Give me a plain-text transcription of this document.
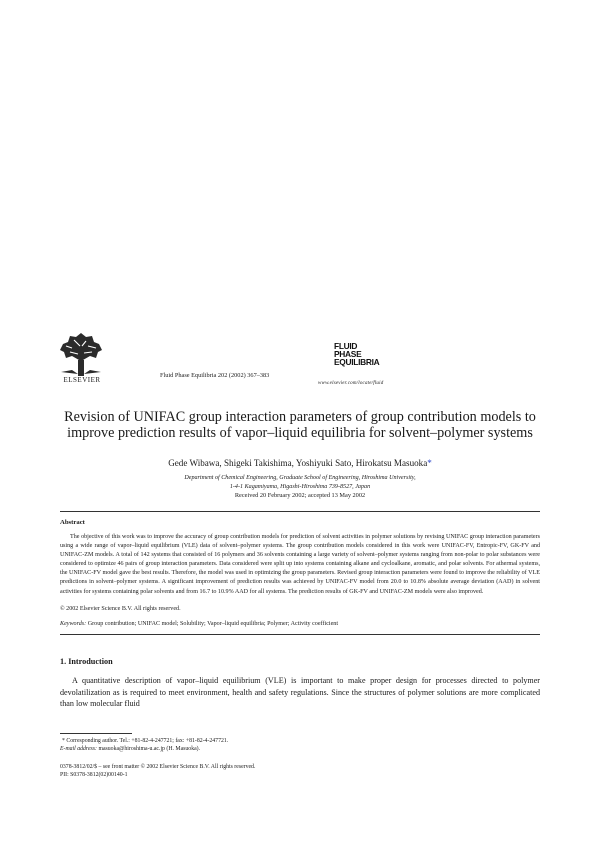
ELSEVIER
Fluid Phase Equilibria 202 (2002) 367–383
FLUID PHASE
EQUILIBRIA
www.elsevier.com/locate/fluid
Revision of UNIFAC group interaction parameters of group contribution models to improve prediction results of vapor–liquid equilibria for solvent–polymer systems
Gede Wibawa, Shigeki Takishima, Yoshiyuki Sato, Hirokatsu Masuoka*
Department of Chemical Engineering, Graduate School of Engineering, Hiroshima University,
1-4-1 Kagamiyama, Higashi-Hiroshima 739-8527, Japan
Received 20 February 2002; accepted 13 May 2002
Abstract
The objective of this work was to improve the accuracy of group contribution models for prediction of solvent activities in polymer solutions by revising UNIFAC group interaction parameters using a wide range of vapor–liquid equilibrium (VLE) data of solvent–polymer systems. The group contribution models considered in this work were UNIFAC-FV, Entropic-FV, GK-FV and UNIFAC-ZM models. A total of 142 systems that consisted of 16 polymers and 36 solvents containing a large variety of solvent–polymer systems ranging from non-polar to polar substances were considered to optimize 46 pairs of group interaction parameters. Data considered were split up into systems containing alkane and cycloalkane, aromatic, and polar solvents. For athermal systems, the UNIFAC-FV model gave the best results. Therefore, the model was used in optimizing the group parameters. Revised group interaction parameters were found to improve the reliability of VLE predictions in solvent–polymer systems. A significant improvement of prediction results was achieved by UNIFAC-FV model from 20.0 to 10.8% absolute average deviation (AAD) in solvent activities for systems containing polar solvents and from 16.7 to 10.9% AAD for all systems. The prediction results of GK-FV and UNIFAC-ZM models were also improved.
© 2002 Elsevier Science B.V. All rights reserved.
Keywords: Group contribution; UNIFAC model; Solubility; Vapor–liquid equilibria; Polymer; Activity coefficient
1. Introduction
A quantitative description of vapor–liquid equilibrium (VLE) is important to make proper design for processes directed to polymer devolatilization as is required to meet environment, health and safety regulations. Since the structures of polymer solutions are more complicated than low molecular fluid
* Corresponding author. Tel.: +81-82-4-247721; fax: +81-82-4-247721.
E-mail address: masuoka@hiroshima-u.ac.jp (H. Masuoka).
0378-3812/02/$ – see front matter © 2002 Elsevier Science B.V. All rights reserved.
PII: S0378-3812(02)00140-1
